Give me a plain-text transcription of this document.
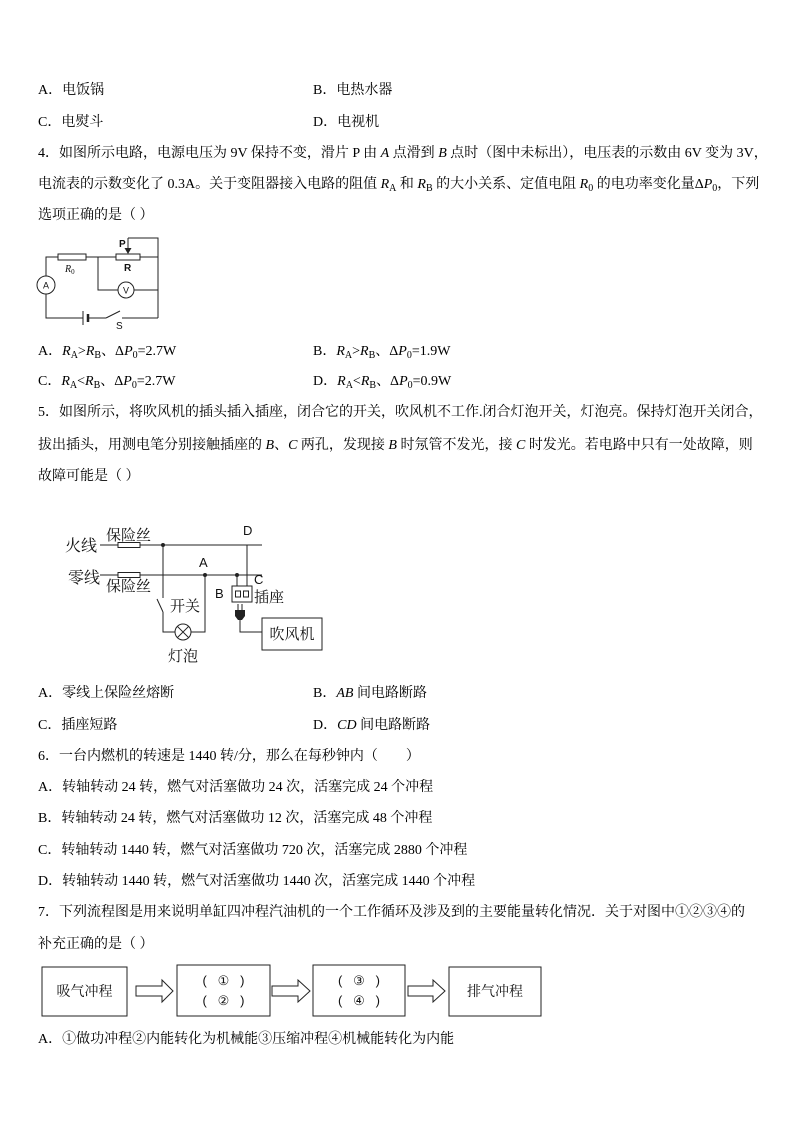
A．电饭锅	B．电热水器
C．电熨斗	D．电视机
4．如图所示电路，电源电压为 9V 保持不变，滑片 P 由 A 点滑到 B 点时（图中未标出），电压表的示数由 6V 变为 3V，
电流表的示数变化了 0.3A。关于变阻器接入电路的阻值 $R_A$ 和 $R_B$ 的大小关系、定值电阻 $R_0$ 的电功率变化量$\Delta P_0$，下列
选项正确的是（ ）
$R_0$
P
R
A	V
S
A．$R_A>R_B$、$\Delta P_0=2.7W$	B．$R_A>R_B$、$\Delta P_0=1.9W$
C．$R_A<R_B$、$\Delta P_0=2.7W$	D．$R_A<R_B$、$\Delta P_0=0.9W$
5．如图所示，将吹风机的插头插入插座，闭合它的开关，吹风机不工作.闭合灯泡开关，灯泡亮。保持灯泡开关闭合，
拔出插头，用测电笔分别接触插座的 B、C 两孔，发现接 B 时氖管不发光，接 C 时发光。若电路中只有一处故障，则
故障可能是（ ）
火线
零线
保险丝
保险丝
D
A
B
C
开关
插座
灯泡
吹风机
A．零线上保险丝熔断	B．AB 间电路断路
C．插座短路	D．CD 间电路断路
6．一台内燃机的转速是 1440 转/分，那么在每秒钟内（　　）
A．转轴转动 24 转，燃气对活塞做功 24 次，活塞完成 24 个冲程
B．转轴转动 24 转，燃气对活塞做功 12 次，活塞完成 48 个冲程
C．转轴转动 1440 转，燃气对活塞做功 720 次，活塞完成 2880 个冲程
D．转轴转动 1440 转，燃气对活塞做功 1440 次，活塞完成 1440 个冲程
7．下列流程图是用来说明单缸四冲程汽油机的一个工作循环及涉及到的主要能量转化情况．关于对图中①②③④的
补充正确的是（ ）
吸气冲程
(   ①   )
(   ②   )
(   ③   )
(   ④   )
排气冲程
A．①做功冲程②内能转化为机械能③压缩冲程④机械能转化为内能
